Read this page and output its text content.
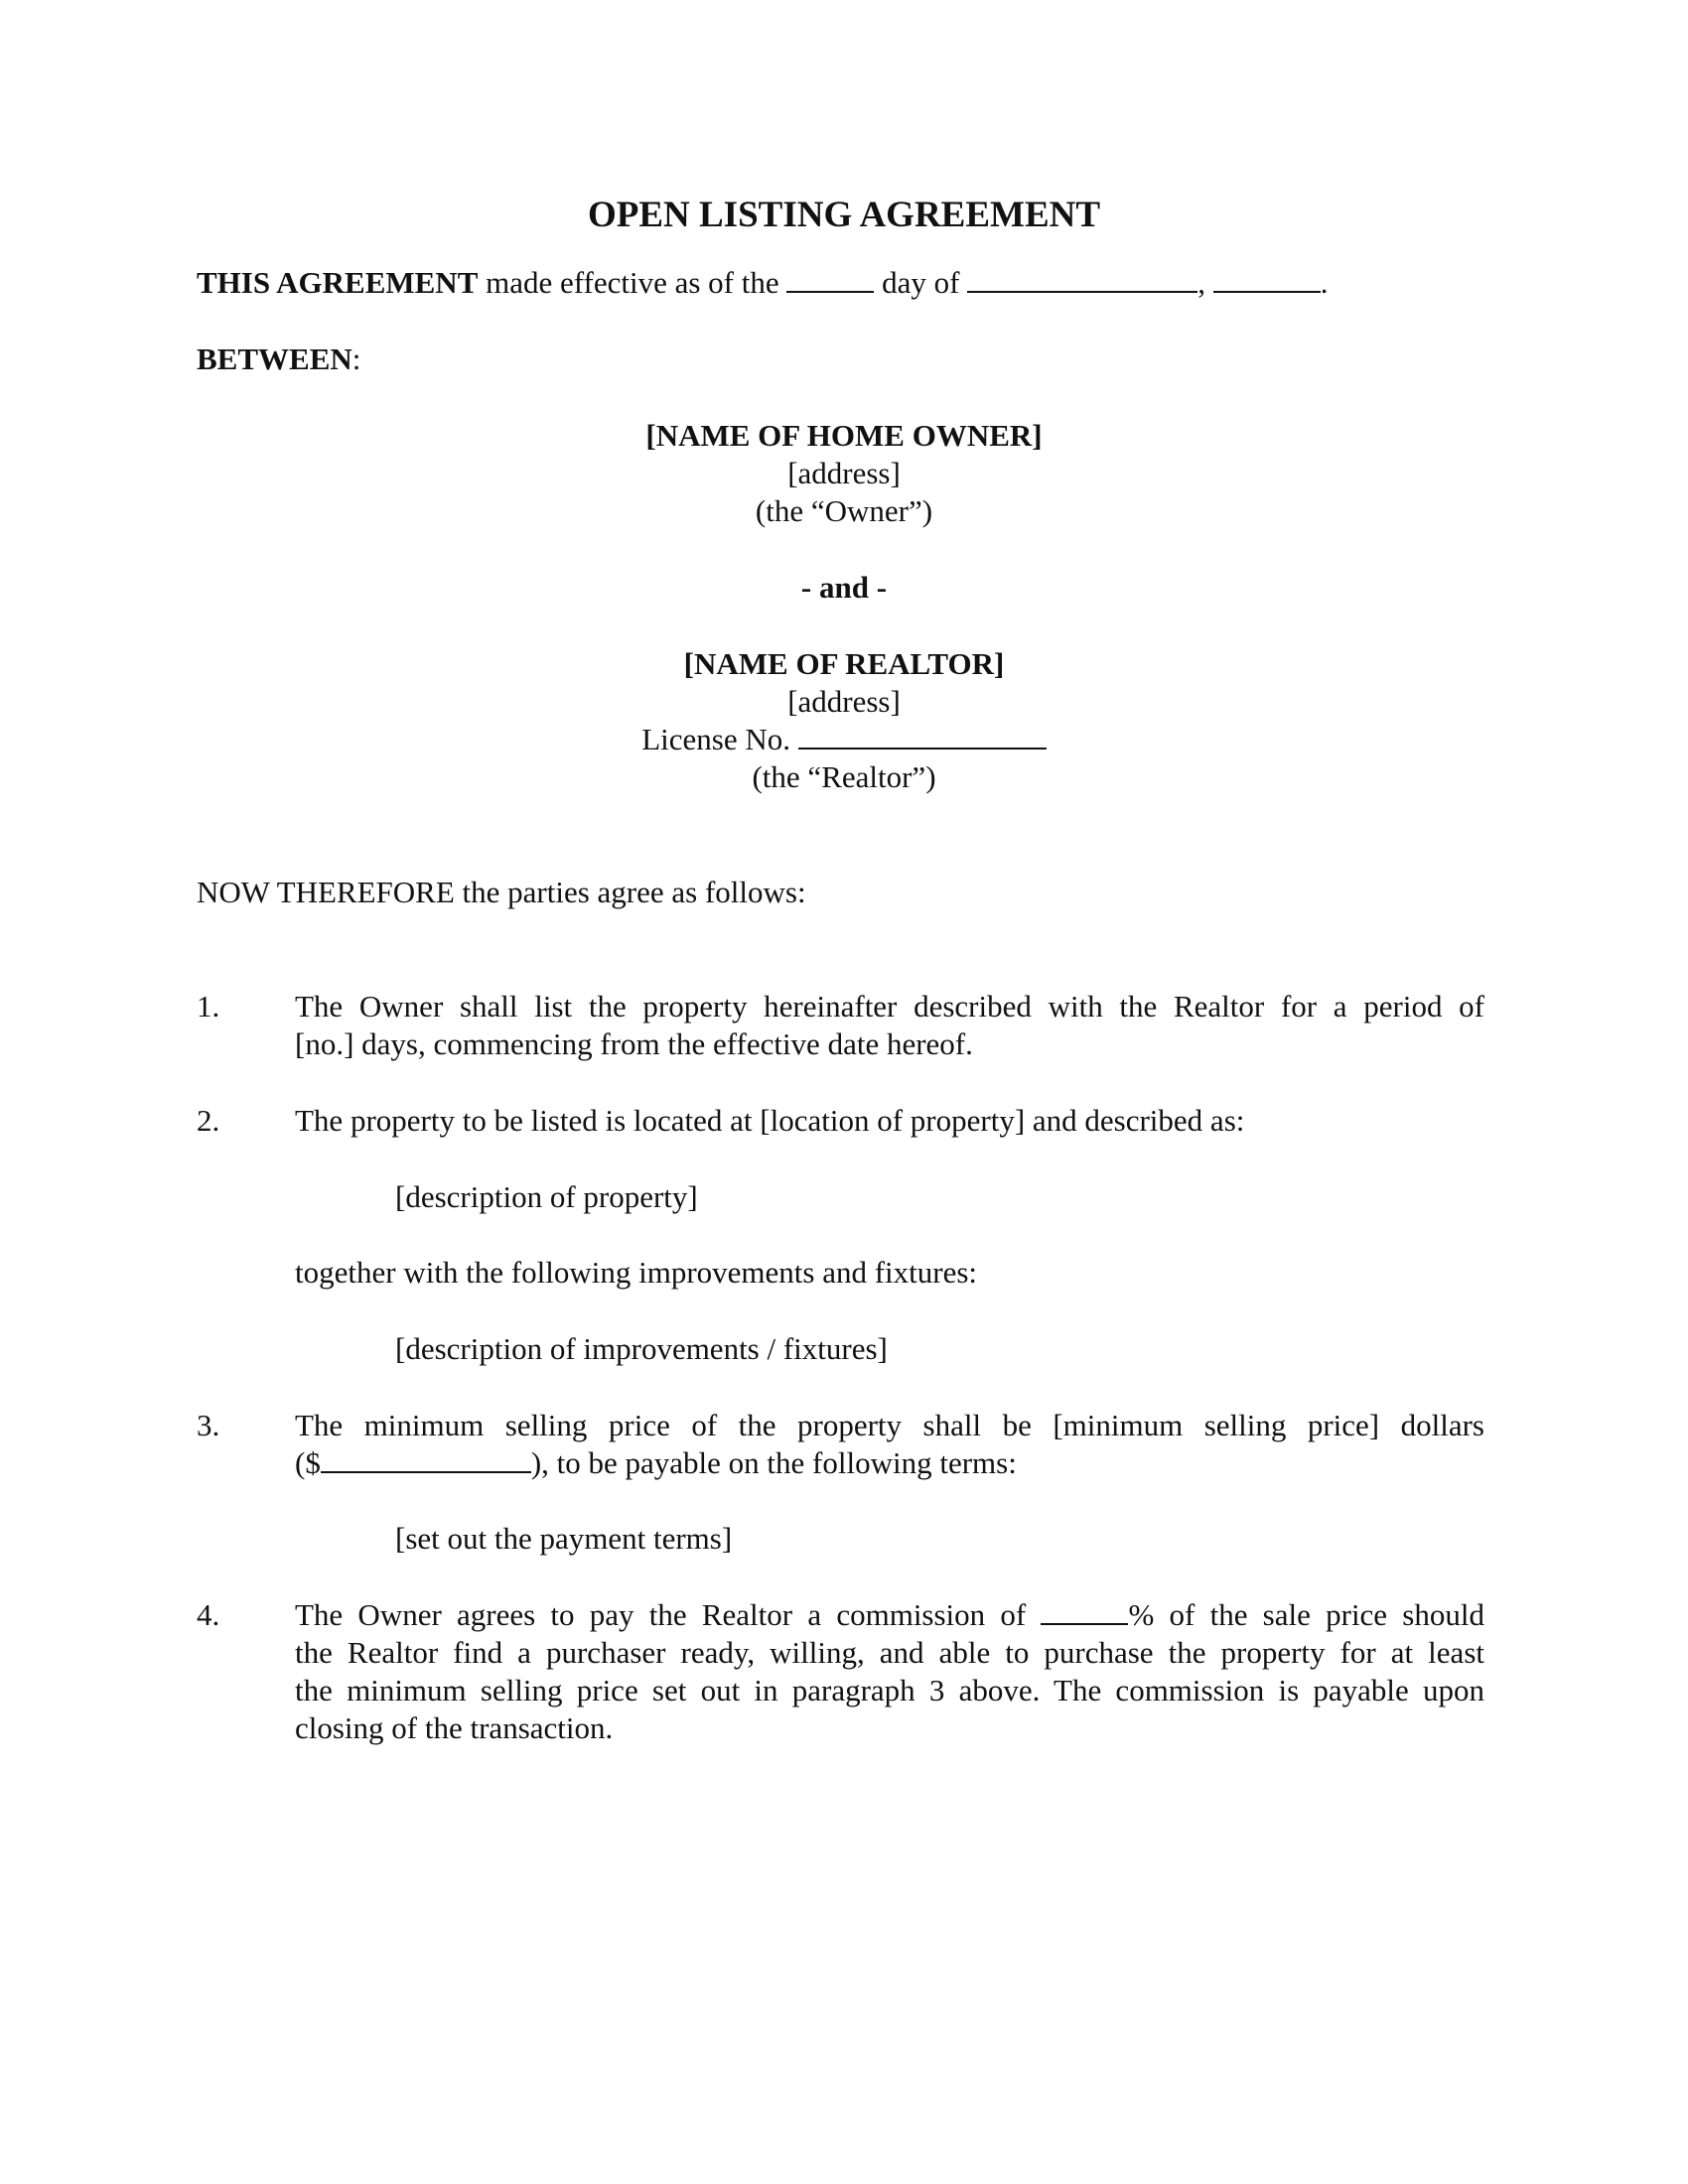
OPEN LISTING AGREEMENT
THIS AGREEMENT made effective as of the	day of	,	.
BETWEEN:
[NAME OF HOME OWNER]
[address]
(the “Owner”)
- and -
[NAME OF REALTOR]
[address]
License No.
(the “Realtor”)
NOW THEREFORE the parties agree as follows:
1. The Owner shall list the property hereinafter described with the Realtor for a period of
[no.] days, commencing from the effective date hereof.
2. The property to be listed is located at [location of property] and described as:
[description of property]
together with the following improvements and fixtures:
[description of improvements / fixtures]
3. The minimum selling price of the property shall be [minimum selling price] dollars
($	), to be payable on the following terms:
[set out the payment terms]
4. The Owner agrees to pay the Realtor a commission of	% of the sale price should
the Realtor find a purchaser ready, willing, and able to purchase the property for at least
the minimum selling price set out in paragraph 3 above. The commission is payable upon
closing of the transaction.
